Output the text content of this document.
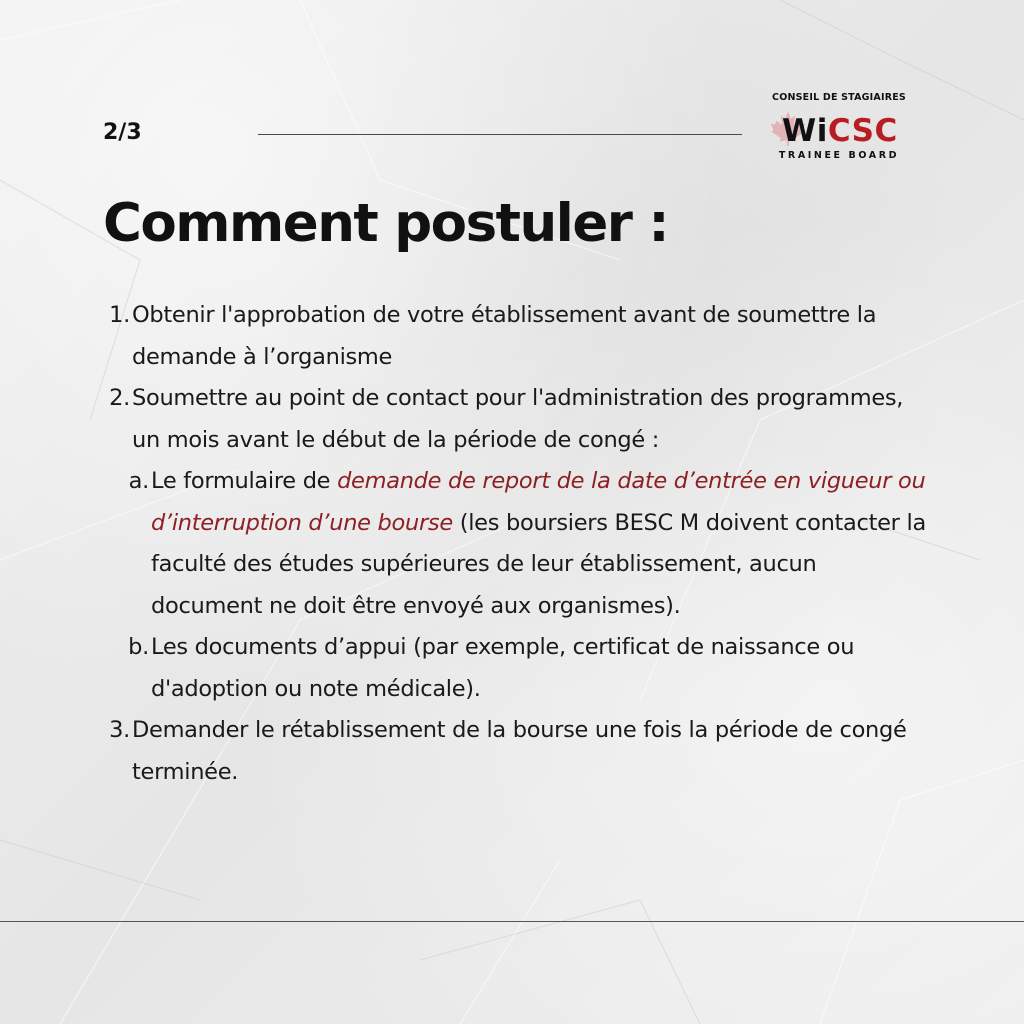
2/3
CONSEIL DE STAGIAIRES
WiCSC
TRAINEE BOARD
Comment postuler :
1. Obtenir l'approbation de votre établissement avant de soumettre la demande à l’organisme
2. Soumettre au point de contact pour l'administration des programmes, un mois avant le début de la période de congé :
a. Le formulaire de demande de report de la date d’entrée en vigueur ou d’interruption d’une bourse (les boursiers BESC M doivent contacter la faculté des études supérieures de leur établissement, aucun document ne doit être envoyé aux organismes).
b. Les documents d’appui (par exemple, certificat de naissance ou d'adoption ou note médicale).
3. Demander le rétablissement de la bourse une fois la période de congé terminée.
